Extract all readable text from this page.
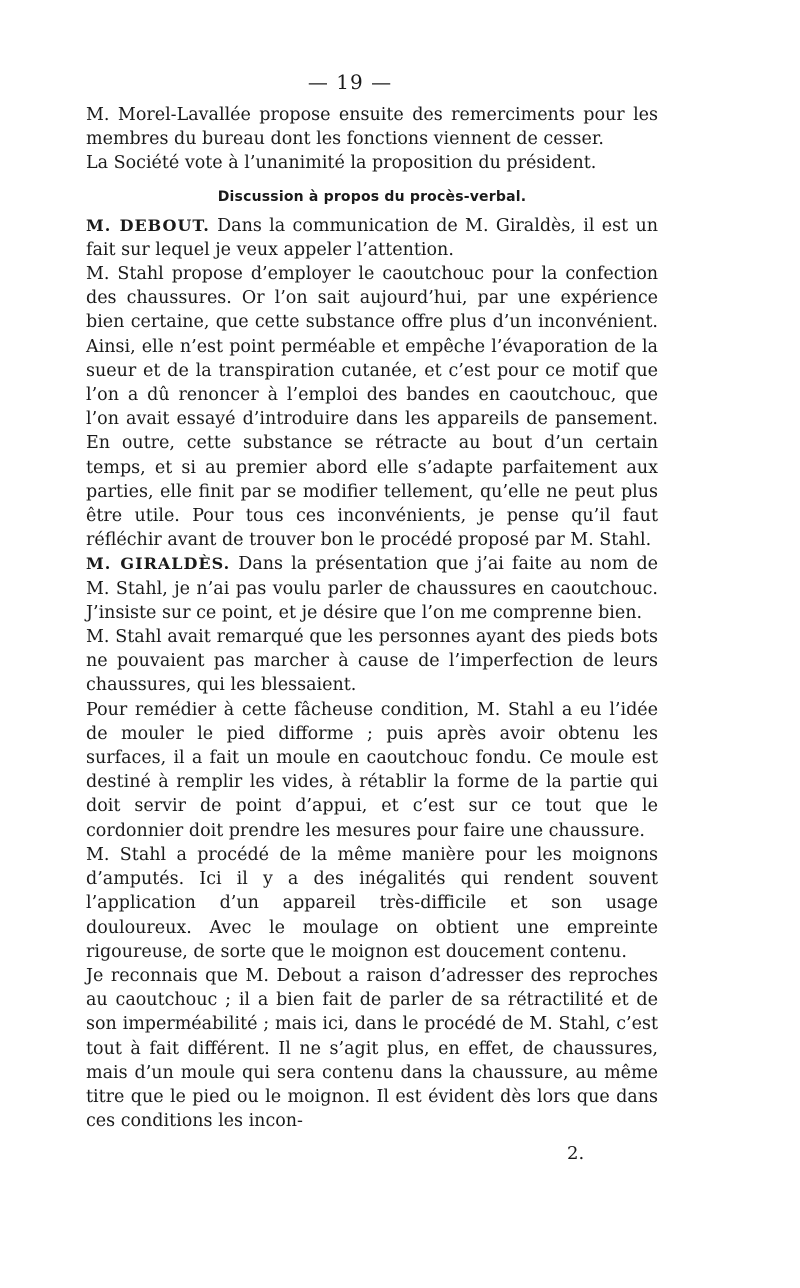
— 19 —

M. Morel-Lavallée propose ensuite des remerciments pour les membres du bureau dont les fonctions viennent de cesser.

La Société vote à l’unanimité la proposition du président.

Discussion à propos du procès-verbal.

M. DEBOUT. Dans la communication de M. Giraldès, il est un fait sur lequel je veux appeler l’attention.

M. Stahl propose d’employer le caoutchouc pour la confection des chaussures. Or l’on sait aujourd’hui, par une expérience bien certaine, que cette substance offre plus d’un inconvénient. Ainsi, elle n’est point perméable et empêche l’évaporation de la sueur et de la transpiration cutanée, et c’est pour ce motif que l’on a dû renoncer à l’emploi des bandes en caoutchouc, que l’on avait essayé d’introduire dans les appareils de pansement. En outre, cette substance se rétracte au bout d’un certain temps, et si au premier abord elle s’adapte parfaitement aux parties, elle finit par se modifier tellement, qu’elle ne peut plus être utile. Pour tous ces inconvénients, je pense qu’il faut réfléchir avant de trouver bon le procédé proposé par M. Stahl.

M. GIRALDÈS. Dans la présentation que j’ai faite au nom de M. Stahl, je n’ai pas voulu parler de chaussures en caoutchouc. J’insiste sur ce point, et je désire que l’on me comprenne bien.

M. Stahl avait remarqué que les personnes ayant des pieds bots ne pouvaient pas marcher à cause de l’imperfection de leurs chaussures, qui les blessaient.

Pour remédier à cette fâcheuse condition, M. Stahl a eu l’idée de mouler le pied difforme ; puis après avoir obtenu les surfaces, il a fait un moule en caoutchouc fondu. Ce moule est destiné à remplir les vides, à rétablir la forme de la partie qui doit servir de point d’appui, et c’est sur ce tout que le cordonnier doit prendre les mesures pour faire une chaussure.

M. Stahl a procédé de la même manière pour les moignons d’amputés. Ici il y a des inégalités qui rendent souvent l’application d’un appareil très-difficile et son usage douloureux. Avec le moulage on obtient une empreinte rigoureuse, de sorte que le moignon est doucement contenu.

Je reconnais que M. Debout a raison d’adresser des reproches au caoutchouc ; il a bien fait de parler de sa rétractilité et de son imperméabilité ; mais ici, dans le procédé de M. Stahl, c’est tout à fait différent. Il ne s’agit plus, en effet, de chaussures, mais d’un moule qui sera contenu dans la chaussure, au même titre que le pied ou le moignon. Il est évident dès lors que dans ces conditions les incon-

2.
